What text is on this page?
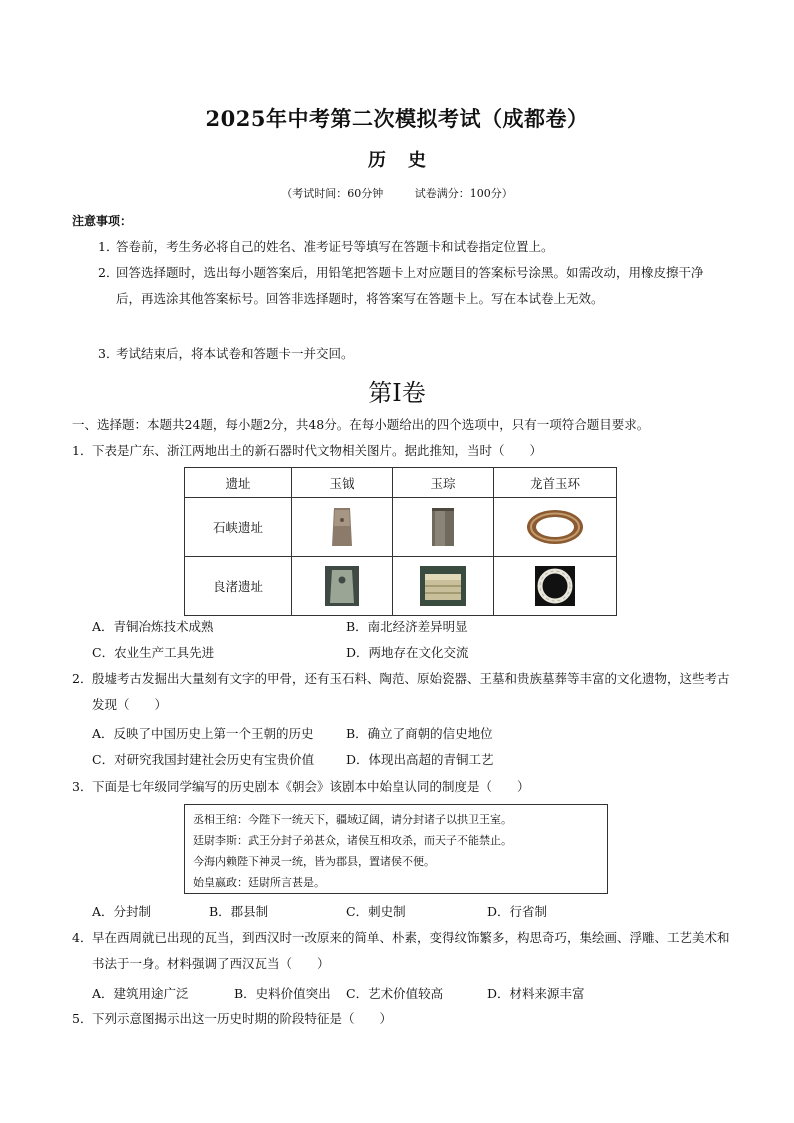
2025年中考第二次模拟考试（成都卷）
历史
（考试时间：60分钟	试卷满分：100分）
注意事项：
1．
答卷前，考生务必将自己的姓名、准考证号等填写在答题卡和试卷指定位置上。
2．
回答选择题时，选出每小题答案后，用铅笔把答题卡上对应题目的答案标号涂黑。如需改动，用橡皮擦干净后，再选涂其他答案标号。回答非选择题时，将答案写在答题卡上。写在本试卷上无效。
3．
考试结束后，将本试卷和答题卡一并交回。
第Ⅰ卷
一、选择题：本题共24题，每小题2分，共48分。在每小题给出的四个选项中，只有一项符合题目要求。
1． 下表是广东、浙江两地出土的新石器时代文物相关图片。据此推知，当时（　　）
遗址	玉钺	玉琮	龙首玉环
石峡遗址			
良渚遗址			
A．青铜冶炼技术成熟	B．南北经济差异明显
C．农业生产工具先进	D．两地存在文化交流
2． 殷墟考古发掘出大量刻有文字的甲骨，还有玉石料、陶范、原始瓷器、王墓和贵族墓葬等丰富的文化遗物，这些考古发现（　　）
A．反映了中国历史上第一个王朝的历史	B．确立了商朝的信史地位
C．对研究我国封建社会历史有宝贵价值	D．体现出高超的青铜工艺
3． 下面是七年级同学编写的历史剧本《朝会》该剧本中始皇认同的制度是（　　）
丞相王绾：今陛下一统天下，疆域辽阔，请分封诸子以拱卫王室。
廷尉李斯：武王分封子弟甚众，诸侯互相攻杀，而天子不能禁止。
今海内赖陛下神灵一统，皆为郡县，置诸侯不便。
始皇嬴政：廷尉所言甚是。
A．分封制	B．郡县制	C．刺史制	D．行省制
4． 早在西周就已出现的瓦当，到西汉时一改原来的简单、朴素，变得纹饰繁多，构思奇巧，集绘画、浮雕、工艺美术和书法于一身。材料强调了西汉瓦当（　　）
A．建筑用途广泛	B．史料价值突出 C．艺术价值较高	D．材料来源丰富
5． 下列示意图揭示出这一历史时期的阶段特征是（　　）
